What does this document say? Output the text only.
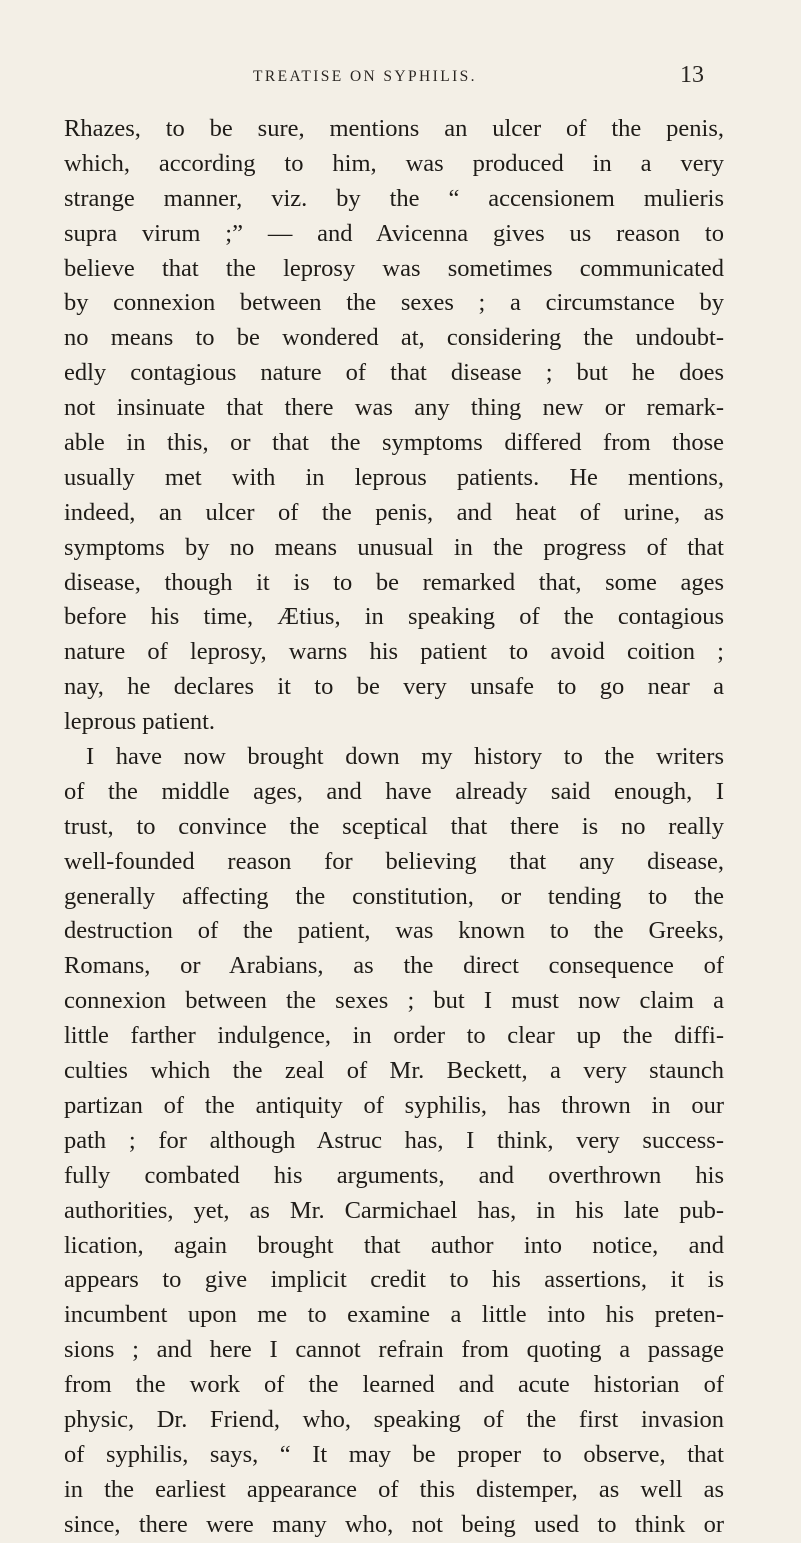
TREATISE ON SYPHILIS.	13
Rhazes, to be sure, mentions an ulcer of the penis,
which, according to him, was produced in a very
strange manner, viz. by the “ accensionem mulieris
supra virum ;” — and Avicenna gives us reason to
believe that the leprosy was sometimes communicated
by connexion between the sexes ; a circumstance by
no means to be wondered at, considering the undoubt-
edly contagious nature of that disease ; but he does
not insinuate that there was any thing new or remark-
able in this, or that the symptoms differed from those
usually met with in leprous patients. He mentions,
indeed, an ulcer of the penis, and heat of urine, as
symptoms by no means unusual in the progress of that
disease, though it is to be remarked that, some ages
before his time, Ætius, in speaking of the contagious
nature of leprosy, warns his patient to avoid coition ;
nay, he declares it to be very unsafe to go near a
leprous patient.
I have now brought down my history to the writers
of the middle ages, and have already said enough, I
trust, to convince the sceptical that there is no really
well-founded reason for believing that any disease,
generally affecting the constitution, or tending to the
destruction of the patient, was known to the Greeks,
Romans, or Arabians, as the direct consequence of
connexion between the sexes ; but I must now claim a
little farther indulgence, in order to clear up the diffi-
culties which the zeal of Mr. Beckett, a very staunch
partizan of the antiquity of syphilis, has thrown in our
path ; for although Astruc has, I think, very success-
fully combated his arguments, and overthrown his
authorities, yet, as Mr. Carmichael has, in his late pub-
lication, again brought that author into notice, and
appears to give implicit credit to his assertions, it is
incumbent upon me to examine a little into his preten-
sions ; and here I cannot refrain from quoting a passage
from the work of the learned and acute historian of
physic, Dr. Friend, who, speaking of the first invasion
of syphilis, says, “ It may be proper to observe, that
in the earliest appearance of this distemper, as well as
since, there were many who, not being used to think or
